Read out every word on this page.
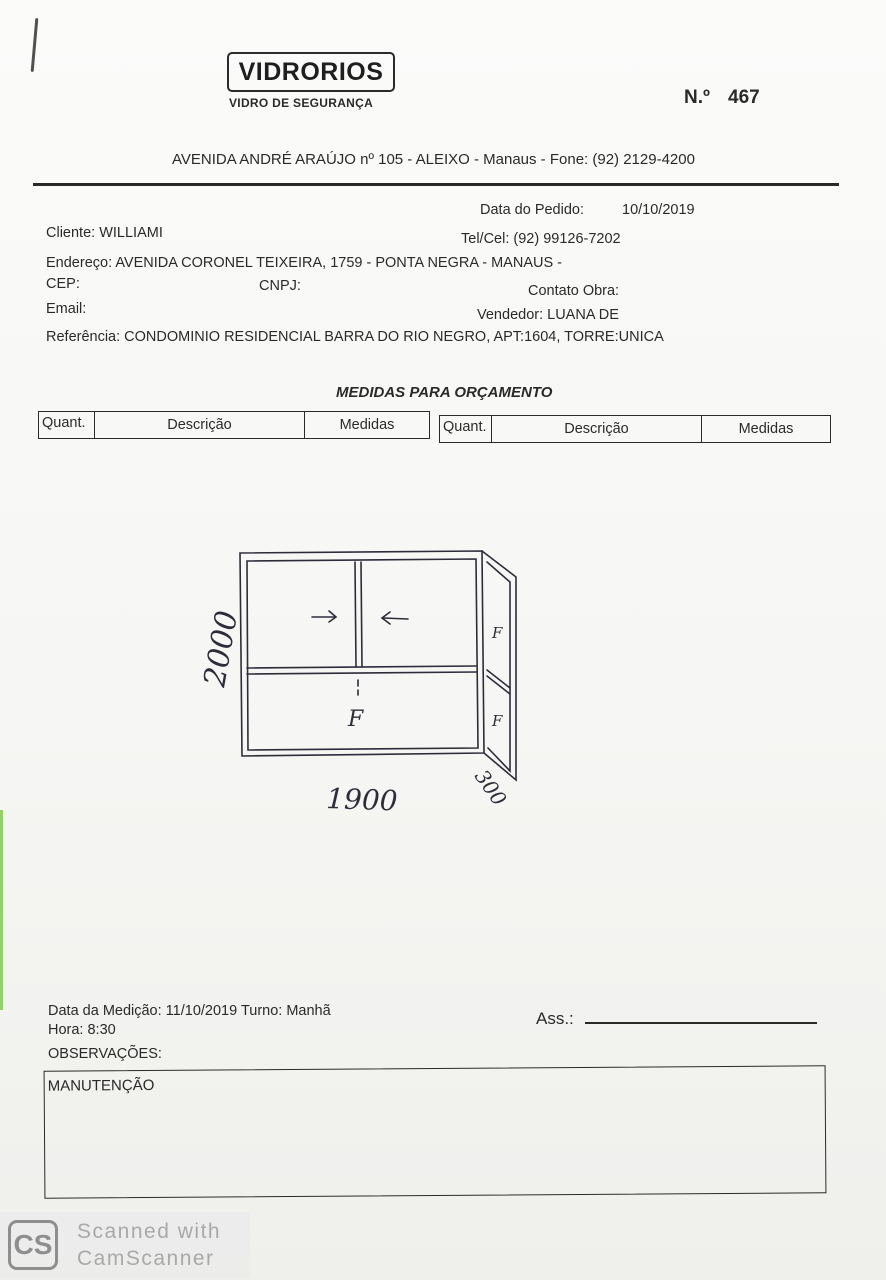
VIDRORIOS
VIDRO DE SEGURANÇA	N.º 467
AVENIDA ANDRÉ ARAÚJO nº 105 - ALEIXO - Manaus - Fone: (92) 2129-4200
Data do Pedido:	10/10/2019
Cliente: WILLIAMI	Tel/Cel: (92) 99126-7202
Endereço: AVENIDA CORONEL TEIXEIRA, 1759 - PONTA NEGRA - MANAUS -
CEP:	CNPJ:	Contato Obra:
Email:	Vendedor: LUANA DE
Referência: CONDOMINIO RESIDENCIAL BARRA DO RIO NEGRO, APT:1604, TORRE:UNICA
MEDIDAS PARA ORÇAMENTO
Quant.	Descrição	Medidas	Quant.	Descrição	Medidas
F
F
F
2000
1900	300
Data da Medição: 11/10/2019 Turno: Manhã
Hora: 8:30
Ass.:
OBSERVAÇÕES:
MANUTENÇÃO
CS Scanned with
CamScanner
